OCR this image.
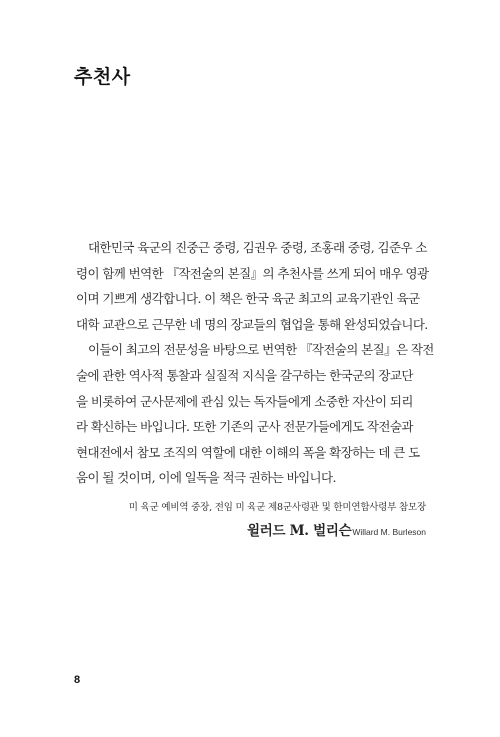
추천사
대한민국 육군의 진중근 중령, 김권우 중령, 조홍래 중령, 김준우 소
령이 함께 번역한 『작전술의 본질』의 추천사를 쓰게 되어 매우 영광
이며 기쁘게 생각합니다. 이 책은 한국 육군 최고의 교육기관인 육군
대학 교관으로 근무한 네 명의 장교들의 협업을 통해 완성되었습니다.
이들이 최고의 전문성을 바탕으로 번역한 『작전술의 본질』은 작전
술에 관한 역사적 통찰과 실질적 지식을 갈구하는 한국군의 장교단
을 비롯하여 군사문제에 관심 있는 독자들에게 소중한 자산이 되리
라 확신하는 바입니다. 또한 기존의 군사 전문가들에게도 작전술과
현대전에서 참모 조직의 역할에 대한 이해의 폭을 확장하는 데 큰 도
움이 될 것이며, 이에 일독을 적극 권하는 바입니다.
미 육군 예비역 중장, 전임 미 육군 제8군사령관 및 한미연합사령부 참모장
윌러드 M. 벌리슨Willard M. Burleson
8
